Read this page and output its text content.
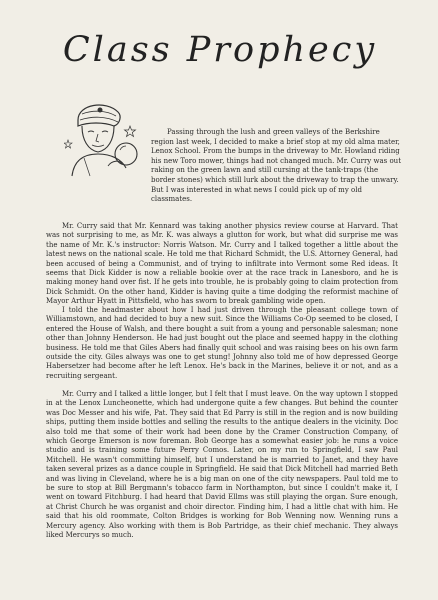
Class Prophecy

Passing through the lush and green valleys of the Berkshire region last week, I decided to make a brief stop at my old alma mater, Lenox School. From the bumps in the driveway to Mr. Howland riding his new Toro mower, things had not changed much. Mr. Curry was out raking on the green lawn and still cursing at the tank-traps (the border stones) which still lurk about the driveway to trap the unwary. But I was interested in what news I could pick up of my old classmates.

Mr. Curry said that Mr. Kennard was taking another physics review course at Harvard. That was not surprising to me, as Mr. K. was always a glutton for work, but what did surprise me was the name of Mr. K.'s instructor: Norris Watson. Mr. Curry and I talked together a little about the latest news on the national scale. He told me that Richard Schmidt, the U.S. Attorney General, had been accused of being a Communist, and of trying to infiltrate into Vermont some Red ideas. It seems that Dick Kidder is now a reliable bookie over at the race track in Lanesboro, and he is making money hand over fist. If he gets into trouble, he is probably going to claim protection from Dick Schmidt. On the other hand, Kidder is having quite a time dodging the reformist machine of Mayor Arthur Hyatt in Pittsfield, who has sworn to break gambling wide open.

I told the headmaster about how I had just driven through the pleasant college town of Williamstown, and had decided to buy a new suit. Since the Williams Co-Op seemed to be closed, I entered the House of Walsh, and there bought a suit from a young and personable salesman; none other than Johnny Henderson. He had just bought out the place and seemed happy in the clothing business. He told me that Giles Abers had finally quit school and was raising bees on his own farm outside the city. Giles always was one to get stung! Johnny also told me of how depressed George Habersetzer had become after he left Lenox. He's back in the Marines, believe it or not, and as a recruiting sergeant.

Mr. Curry and I talked a little longer, but I felt that I must leave. On the way uptown I stopped in at the Lenox Luncheonette, which had undergone quite a few changes. But behind the counter was Doc Messer and his wife, Pat. They said that Ed Parry is still in the region and is now building ships, putting them inside bottles and selling the results to the antique dealers in the vicinity. Doc also told me that some of their work had been done by the Cramer Construction Company, of which George Emerson is now foreman. Bob George has a somewhat easier job: he runs a voice studio and is training some future Perry Comos. Later, on my run to Springfield, I saw Paul Mitchell. He wasn't committing himself, but I understand he is married to Janet, and they have taken several prizes as a dance couple in Springfield. He said that Dick Mitchell had married Beth and was living in Cleveland, where he is a big man on one of the city newspapers. Paul told me to be sure to stop at Bill Bergmann's tobacco farm in Northampton, but since I couldn't make it, I went on toward Fitchburg. I had heard that David Ellms was still playing the organ. Sure enough, at Christ Church he was organist and choir director. Finding him, I had a little chat with him. He said that his old roommate, Colton Bridges is working for Bob Wenning now. Wenning runs a Mercury agency. Also working with them is Bob Partridge, as their chief mechanic. They always liked Mercurys so much.
